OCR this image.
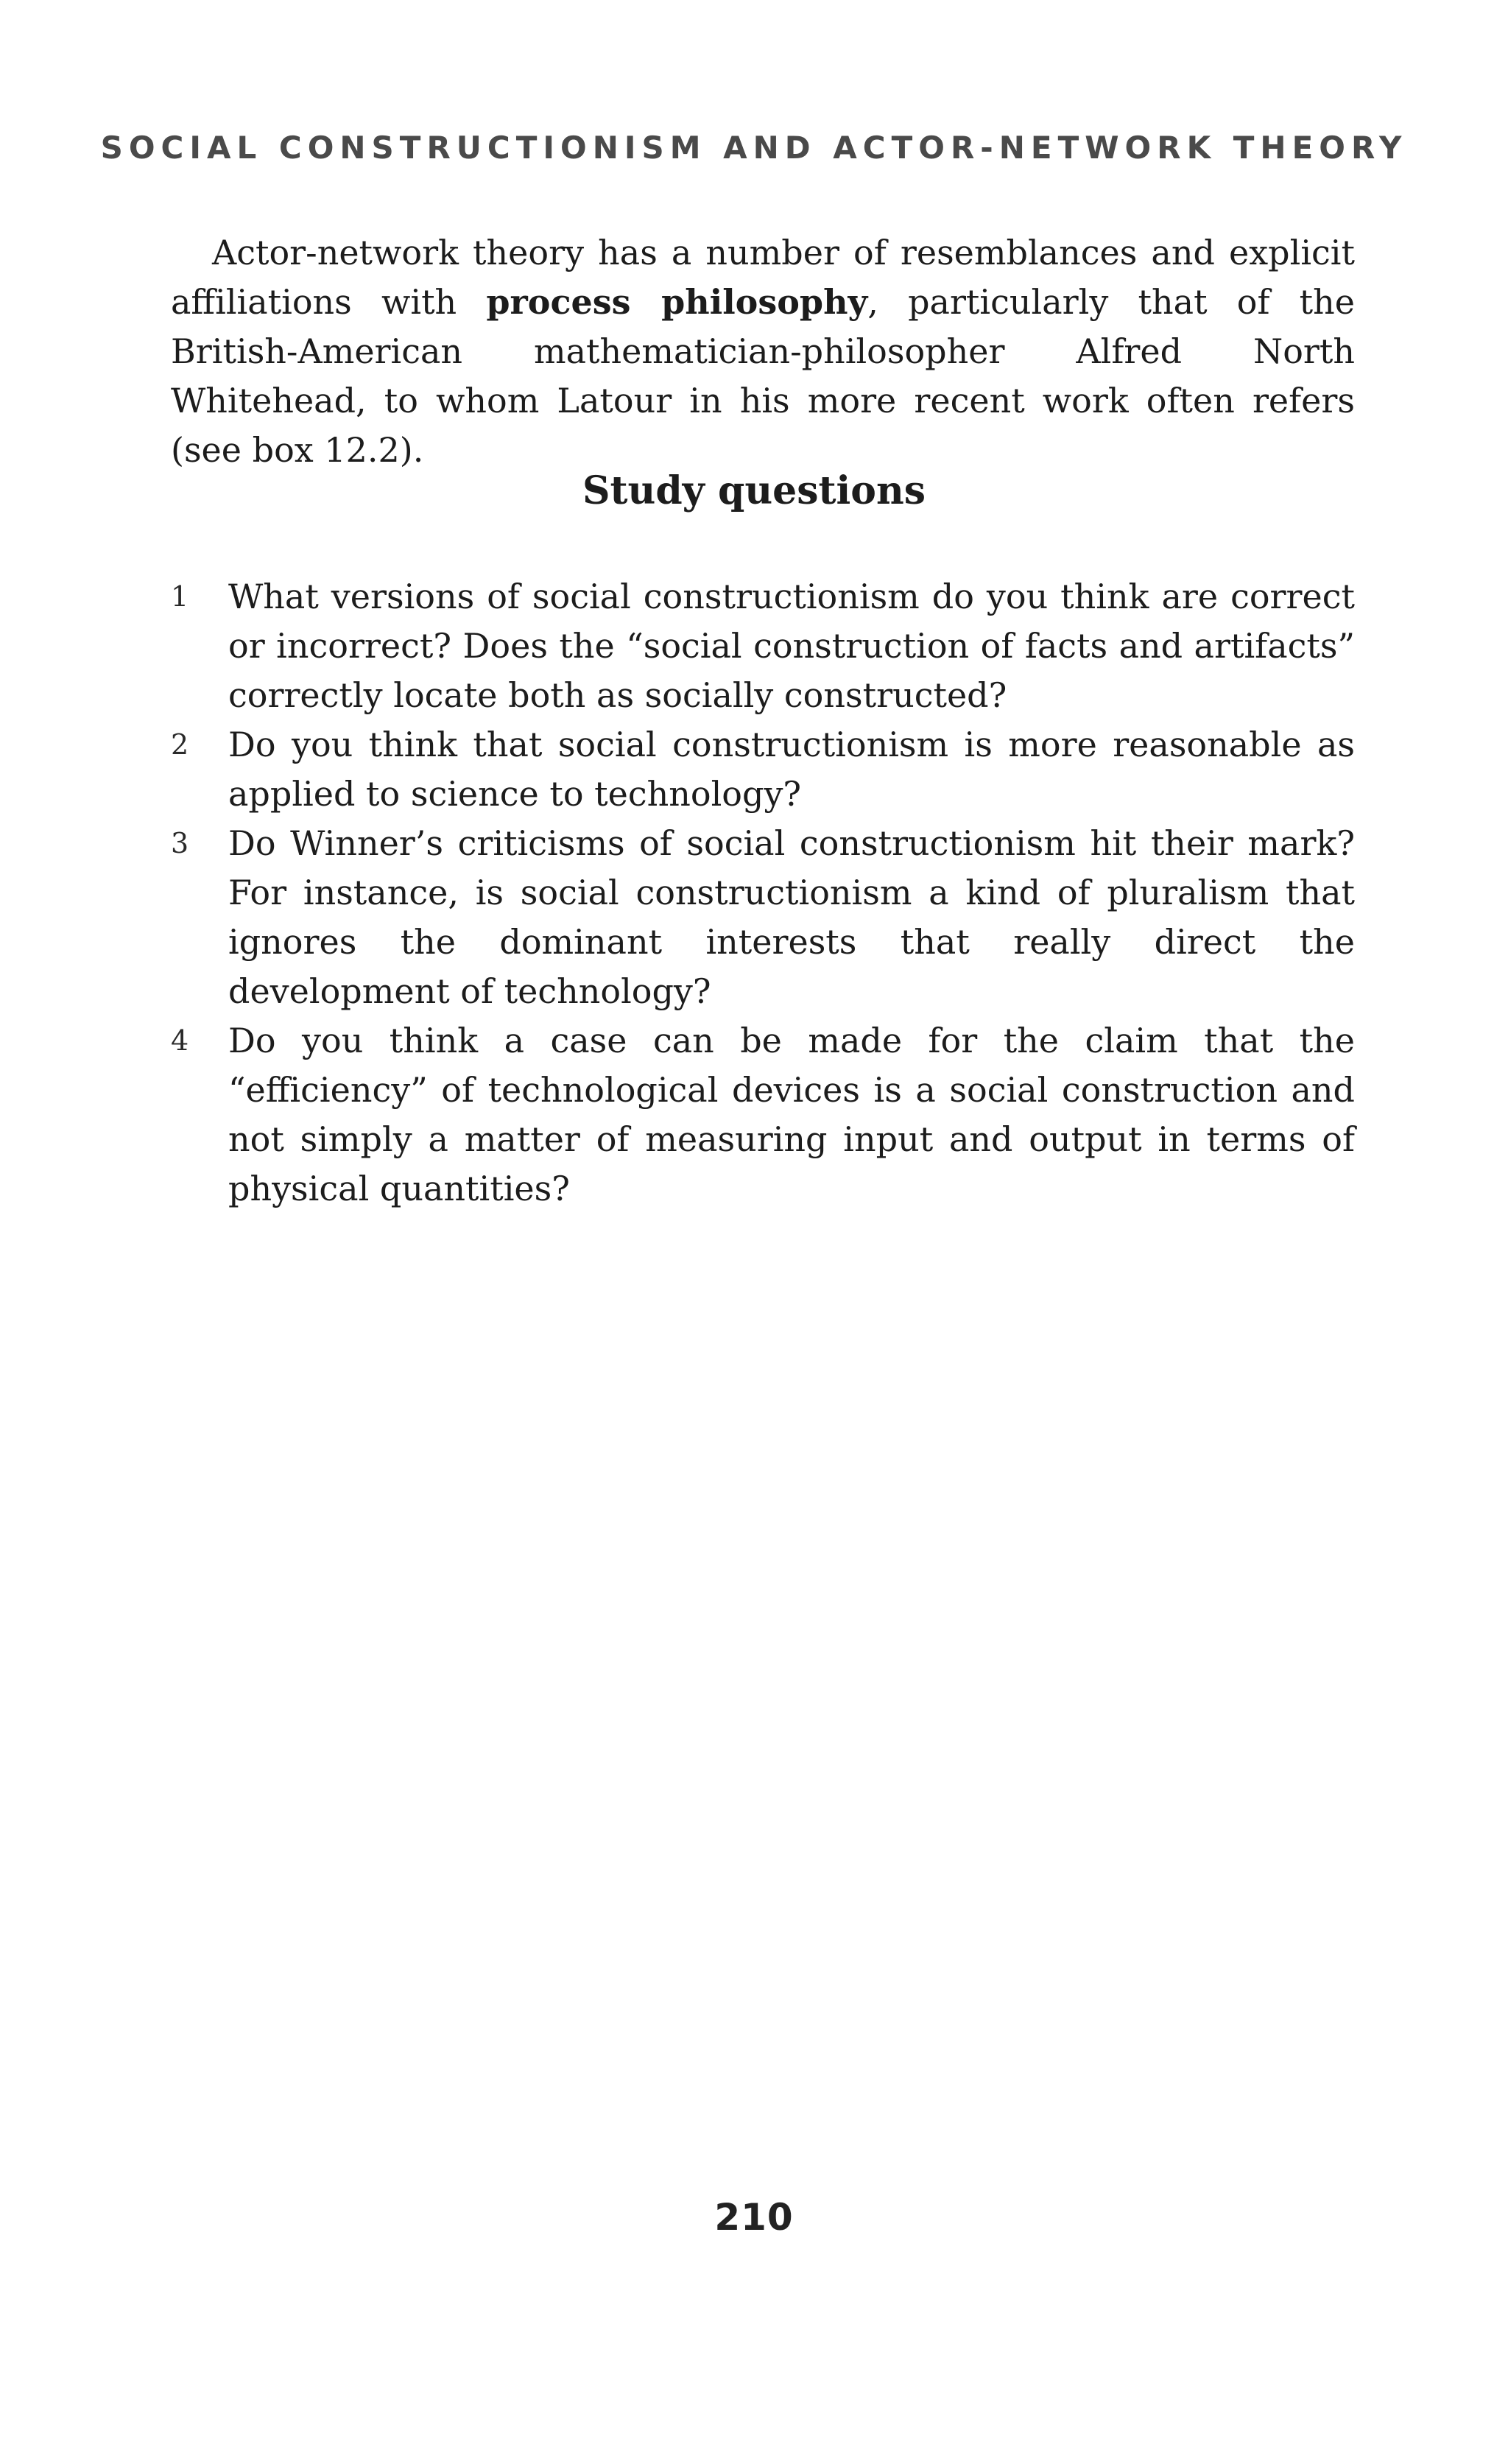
SOCIAL CONSTRUCTIONISM AND ACTOR-NETWORK THEORY

Actor-network theory has a number of resemblances and explicit affiliations with process philosophy, particularly that of the British-American mathematician-philosopher Alfred North Whitehead, to whom Latour in his more recent work often refers (see box 12.2).

Study questions
1 What versions of social constructionism do you think are correct or incorrect? Does the “social construction of facts and artifacts” correctly locate both as socially constructed?
2 Do you think that social constructionism is more reasonable as applied to science to technology?
3 Do Winner’s criticisms of social constructionism hit their mark? For instance, is social constructionism a kind of pluralism that ignores the dominant interests that really direct the development of technology?
4 Do you think a case can be made for the claim that the “efficiency” of technological devices is a social construction and not simply a matter of measuring input and output in terms of physical quantities?
210
